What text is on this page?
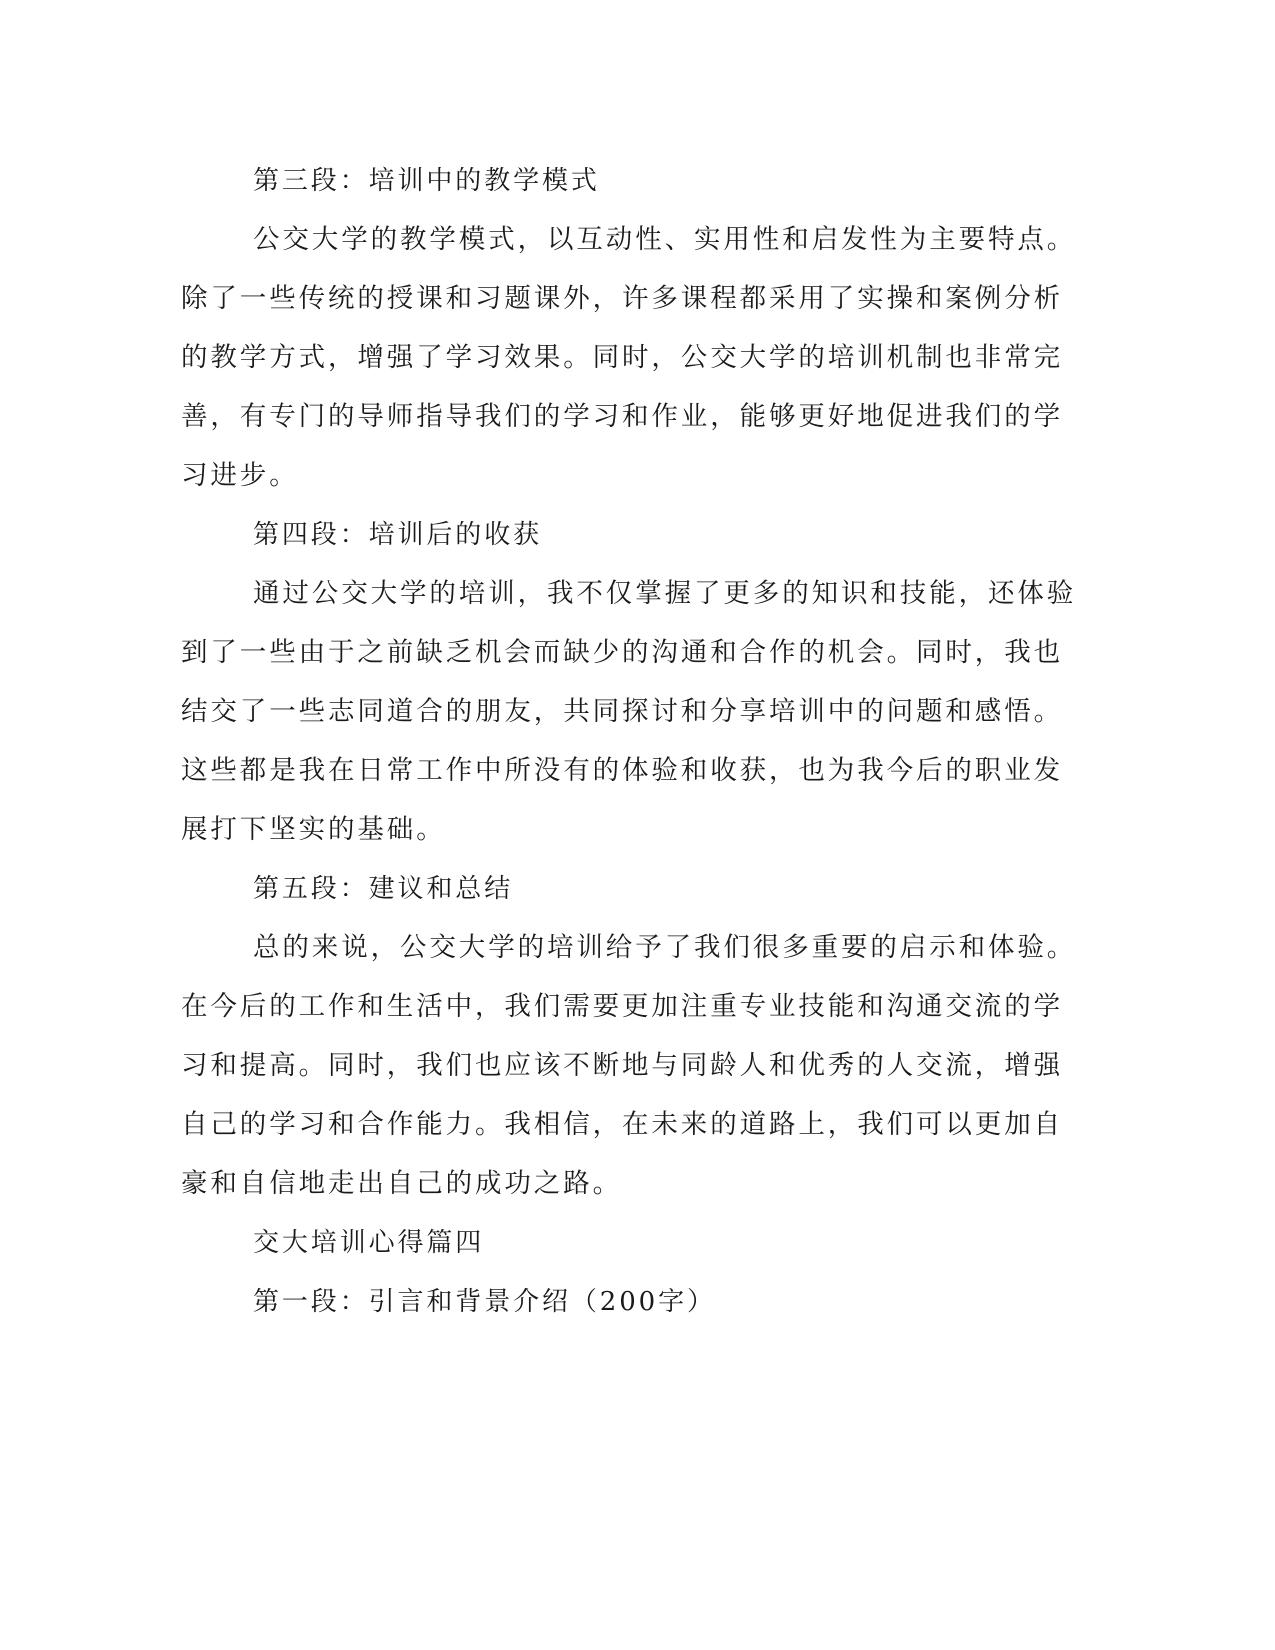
第三段：培训中的教学模式
公交大学的教学模式，以互动性、实用性和启发性为主要特点。
除了一些传统的授课和习题课外，许多课程都采用了实操和案例分析
的教学方式，增强了学习效果。同时，公交大学的培训机制也非常完
善，有专门的导师指导我们的学习和作业，能够更好地促进我们的学
习进步。
第四段：培训后的收获
通过公交大学的培训，我不仅掌握了更多的知识和技能，还体验
到了一些由于之前缺乏机会而缺少的沟通和合作的机会。同时，我也
结交了一些志同道合的朋友，共同探讨和分享培训中的问题和感悟。
这些都是我在日常工作中所没有的体验和收获，也为我今后的职业发
展打下坚实的基础。
第五段：建议和总结
总的来说，公交大学的培训给予了我们很多重要的启示和体验。
在今后的工作和生活中，我们需要更加注重专业技能和沟通交流的学
习和提高。同时，我们也应该不断地与同龄人和优秀的人交流，增强
自己的学习和合作能力。我相信，在未来的道路上，我们可以更加自
豪和自信地走出自己的成功之路。
交大培训心得篇四
第一段：引言和背景介绍（200字）
